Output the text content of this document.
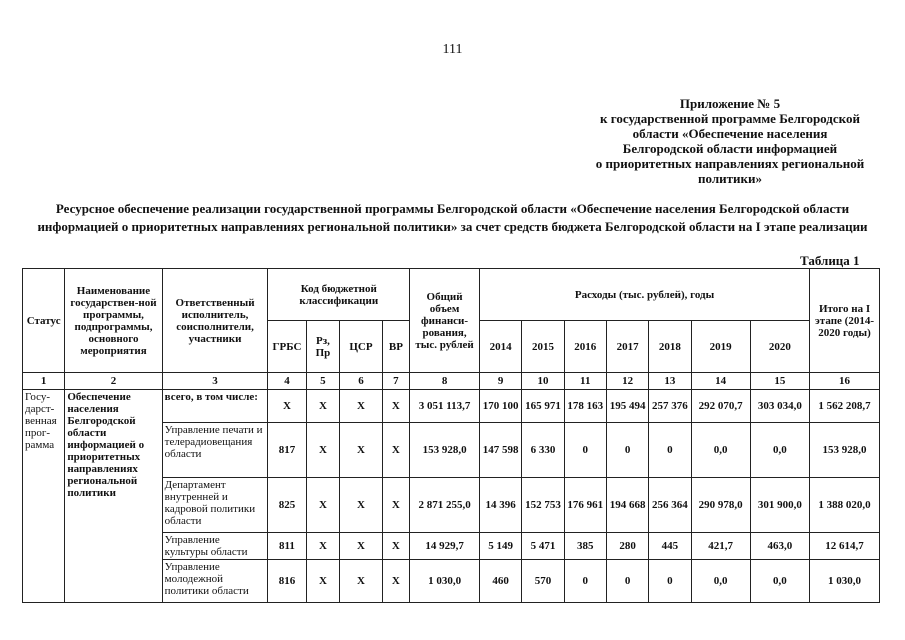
111
Приложение № 5
к государственной программе Белгородской
области «Обеспечение населения
Белгородской области информацией
о приоритетных направлениях региональной
политики»
Ресурсное обеспечение реализации государственной программы Белгородской области «Обеспечение населения Белгородской области
информацией о приоритетных направлениях региональной политики» за счет средств бюджета Белгородской области на I этапе реализации
Таблица 1
Статус	Наименование государствен-ной программы, подпрограммы, основного мероприятия	Ответственный исполнитель, соисполнители, участники	Код бюджетной классификации				Общий объем финанси-рования, тыс. рублей	Расходы (тыс. рублей), годы							Итого на I этапе (2014-2020 годы)
			ГРБС	Рз, Пр	ЦСР	ВР		2014	2015	2016	2017	2018	2019	2020	
1	2	3	4	5	6	7	8	9	10	11	12	13	14	15	16
Госу-дарст-венная прог-рамма	Обеспечение населения Белгородской области информацией о приоритетных направлениях региональной политики	всего, в том числе:	Х	Х	Х	Х	3 051 113,7	170 100	165 971	178 163	195 494	257 376	292 070,7	303 034,0	1 562 208,7
		Управление печати и телерадиовещания области	817	Х	Х	Х	153 928,0	147 598	6 330	0	0	0	0,0	0,0	153 928,0
		Департамент внутренней и кадровой политики области	825	Х	Х	Х	2 871 255,0	14 396	152 753	176 961	194 668	256 364	290 978,0	301 900,0	1 388 020,0
		Управление культуры области	811	Х	Х	Х	14 929,7	5 149	5 471	385	280	445	421,7	463,0	12 614,7
		Управление молодежной политики области	816	Х	Х	Х	1 030,0	460	570	0	0	0	0,0	0,0	1 030,0
